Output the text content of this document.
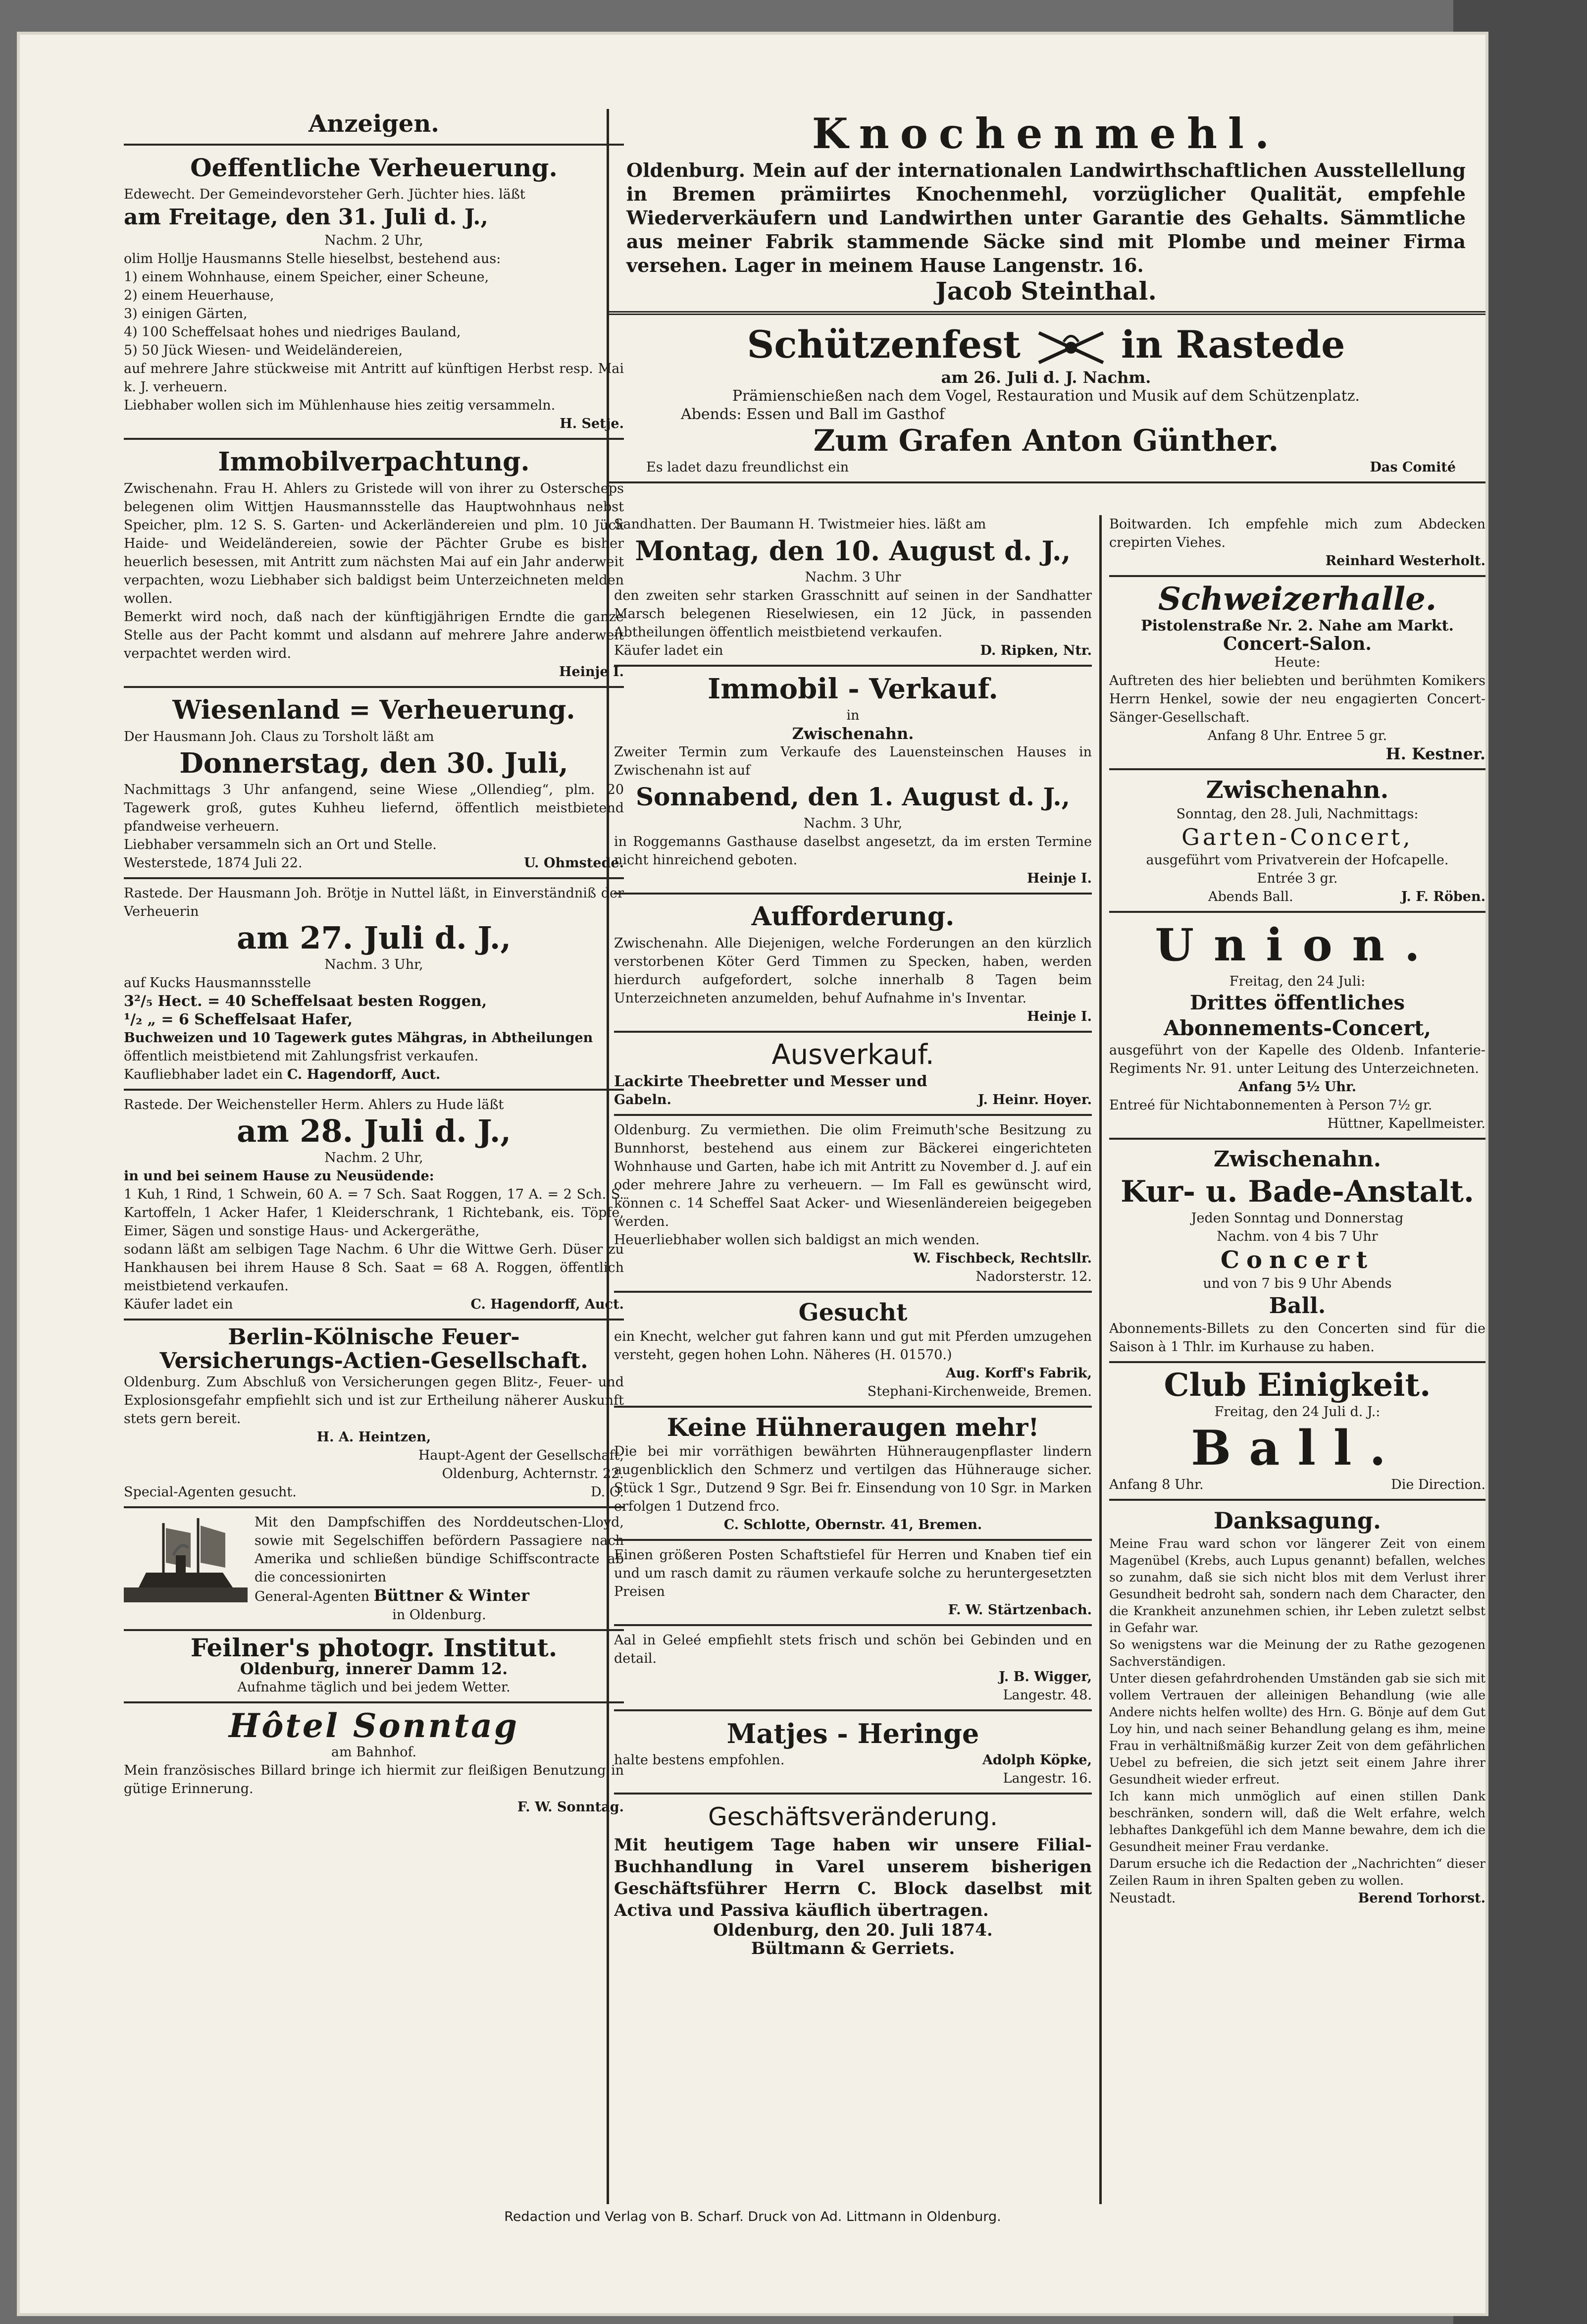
Anzeigen.
Oeffentliche Verheuerung.
Edewecht. Der Gemeindevorsteher Gerh. Jüchter hies. läßt
am Freitage, den 31. Juli d. J.,
Nachm. 2 Uhr,
olim Hollje Hausmanns Stelle hieselbst, bestehend aus:
1) einem Wohnhause, einem Speicher, einer Scheune,
2) einem Heuerhause,
3) einigen Gärten,
4) 100 Scheffelsaat hohes und niedriges Bauland,
5) 50 Jück Wiesen- und Weideländereien,
auf mehrere Jahre stückweise mit Antritt auf künftigen Herbst resp. Mai k. J. verheuern.
Liebhaber wollen sich im Mühlenhause hies zeitig versammeln.
H. Setje.
Immobilverpachtung.
Zwischenahn. Frau H. Ahlers zu Gristede will von ihrer zu Osterscheps belegenen olim Wittjen Hausmannsstelle das Hauptwohnhaus nebst Speicher, plm. 12 S. S. Garten- und Ackerländereien und plm. 10 Jück Haide- und Weideländereien, sowie der Pächter Grube es bisher heuerlich besessen, mit Antritt zum nächsten Mai auf ein Jahr anderweit verpachten, wozu Liebhaber sich baldigst beim Unterzeichneten melden wollen.
Bemerkt wird noch, daß nach der künftigjährigen Erndte die ganze Stelle aus der Pacht kommt und alsdann auf mehrere Jahre anderweit verpachtet werden wird.
Heinje I.
Wiesenland = Verheuerung.
Der Hausmann Joh. Claus zu Torsholt läßt am
Donnerstag, den 30. Juli,
Nachmittags 3 Uhr anfangend, seine Wiese „Ollendieg“, plm. 20 Tagewerk groß, gutes Kuhheu liefernd, öffentlich meistbietend pfandweise verheuern.
Liebhaber versammeln sich an Ort und Stelle.
Westerstede, 1874 Juli 22.	U. Ohmstede.
Rastede. Der Hausmann Joh. Brötje in Nuttel läßt, in Einverständniß der Verheuerin
am 27. Juli d. J.,
Nachm. 3 Uhr,
auf Kucks Hausmannsstelle
3²/₅ Hect. = 40 Scheffelsaat besten Roggen,
¹/₂ „ = 6 Scheffelsaat Hafer,
Buchweizen und 10 Tagewerk gutes Mähgras, in Abtheilungen
öffentlich meistbietend mit Zahlungsfrist verkaufen.
Kaufliebhaber ladet ein C. Hagendorff, Auct.
Rastede. Der Weichensteller Herm. Ahlers zu Hude läßt
am 28. Juli d. J.,
Nachm. 2 Uhr,
in und bei seinem Hause zu Neusüdende:
1 Kuh, 1 Rind, 1 Schwein, 60 A. = 7 Sch. Saat Roggen, 17 A. = 2 Sch. S. Kartoffeln, 1 Acker Hafer, 1 Kleiderschrank, 1 Richtebank, eis. Töpfe, Eimer, Sägen und sonstige Haus- und Ackergeräthe,
sodann läßt am selbigen Tage Nachm. 6 Uhr die Wittwe Gerh. Düser zu Hankhausen bei ihrem Hause 8 Sch. Saat = 68 A. Roggen, öffentlich meistbietend verkaufen.
Käufer ladet ein	C. Hagendorff, Auct.
Berlin-Kölnische Feuer-
Versicherungs-Actien-Gesellschaft.
Oldenburg. Zum Abschluß von Versicherungen gegen Blitz-, Feuer- und Explosionsgefahr empfiehlt sich und ist zur Ertheilung näherer Auskunft stets gern bereit.
H. A. Heintzen,
Haupt-Agent der Gesellschaft,
Oldenburg, Achternstr. 22.
Special-Agenten gesucht.	D. O.
Mit den Dampfschiffen des Norddeutschen-Lloyd, sowie mit Segelschiffen befördern Passagiere nach Amerika und schließen bündige Schiffscontracte ab die concessionirten
General-Agenten Büttner & Winter
in Oldenburg.
Feilner's photogr. Institut.
Oldenburg, innerer Damm 12.
Aufnahme täglich und bei jedem Wetter.
Hôtel Sonntag
am Bahnhof.
Mein französisches Billard bringe ich hiermit zur fleißigen Benutzung in gütige Erinnerung.
F. W. Sonntag.
Knochenmehl.
Oldenburg. Mein auf der internationalen Landwirthschaftlichen Ausstellellung in Bremen prämiirtes Knochenmehl, vorzüglicher Qualität, empfehle Wiederverkäufern und Landwirthen unter Garantie des Gehalts. Sämmtliche aus meiner Fabrik stammende Säcke sind mit Plombe und meiner Firma versehen. Lager in meinem Hause Langenstr. 16.
Jacob Steinthal.
Schützenfest	in Rastede
am 26. Juli d. J. Nachm.
Prämienschießen nach dem Vogel, Restauration und Musik auf dem Schützenplatz.
Abends: Essen und Ball im Gasthof
Zum Grafen Anton Günther.
Es ladet dazu freundlichst ein	Das Comité
Sandhatten. Der Baumann H. Twistmeier hies. läßt am
Montag, den 10. August d. J.,
Nachm. 3 Uhr
den zweiten sehr starken Grasschnitt auf seinen in der Sandhatter Marsch belegenen Rieselwiesen, ein 12 Jück, in passenden Abtheilungen öffentlich meistbietend verkaufen.
Käufer ladet ein	D. Ripken, Ntr.
Immobil - Verkauf.
in
Zwischenahn.
Zweiter Termin zum Verkaufe des Lauensteinschen Hauses in Zwischenahn ist auf
Sonnabend, den 1. August d. J.,
Nachm. 3 Uhr,
in Roggemanns Gasthause daselbst angesetzt, da im ersten Termine nicht hinreichend geboten.
Heinje I.
Aufforderung.
Zwischenahn. Alle Diejenigen, welche Forderungen an den kürzlich verstorbenen Köter Gerd Timmen zu Specken, haben, werden hierdurch aufgefordert, solche innerhalb 8 Tagen beim Unterzeichneten anzumelden, behuf Aufnahme in's Inventar.
Heinje I.
Ausverkauf.
Lackirte Theebretter und Messer und
Gabeln.	J. Heinr. Hoyer.
Oldenburg. Zu vermiethen. Die olim Freimuth'sche Besitzung zu Bunnhorst, bestehend aus einem zur Bäckerei eingerichteten Wohnhause und Garten, habe ich mit Antritt zu November d. J. auf ein oder mehrere Jahre zu verheuern. — Im Fall es gewünscht wird, können c. 14 Scheffel Saat Acker- und Wiesenländereien beigegeben werden.
Heuerliebhaber wollen sich baldigst an mich wenden.
W. Fischbeck, Rechtsllr.
Nadorsterstr. 12.
Gesucht
ein Knecht, welcher gut fahren kann und gut mit Pferden umzugehen versteht, gegen hohen Lohn. Näheres (H. 01570.)
Aug. Korff's Fabrik,
Stephani-Kirchenweide, Bremen.
Keine Hühneraugen mehr!
Die bei mir vorräthigen bewährten Hühneraugenpflaster lindern augenblicklich den Schmerz und vertilgen das Hühnerauge sicher. Stück 1 Sgr., Dutzend 9 Sgr. Bei fr. Einsendung von 10 Sgr. in Marken erfolgen 1 Dutzend frco.
C. Schlotte, Obernstr. 41, Bremen.
Einen größeren Posten Schaftstiefel für Herren und Knaben tief ein und um rasch damit zu räumen verkaufe solche zu heruntergesetzten Preisen
F. W. Stärtzenbach.
Aal in Geleé empfiehlt stets frisch und schön bei Gebinden und en detail.
J. B. Wigger,
Langestr. 48.
Matjes - Heringe
halte bestens empfohlen.	Adolph Köpke,
Langestr. 16.
Geschäftsveränderung.
Mit heutigem Tage haben wir unsere Filial-Buchhandlung in Varel unserem bisherigen Geschäftsführer Herrn C. Block daselbst mit Activa und Passiva käuflich übertragen.
Oldenburg, den 20. Juli 1874.
Bültmann & Gerriets.
Boitwarden. Ich empfehle mich zum Abdecken crepirten Viehes.
Reinhard Westerholt.
Schweizerhalle.
Pistolenstraße Nr. 2. Nahe am Markt.
Concert-Salon.
Heute:
Auftreten des hier beliebten und berühmten Komikers Herrn Henkel, sowie der neu engagierten Concert-Sänger-Gesellschaft.
Anfang 8 Uhr. Entree 5 gr.
H. Kestner.
Zwischenahn.
Sonntag, den 28. Juli, Nachmittags:
Garten-Concert,
ausgeführt vom Privatverein der Hofcapelle.
Entrée 3 gr.
Abends Ball.	J. F. Röben.
Union.
Freitag, den 24 Juli:
Drittes öffentliches
Abonnements-Concert,
ausgeführt von der Kapelle des Oldenb. Infanterie-Regiments Nr. 91. unter Leitung des Unterzeichneten.
Anfang 5½ Uhr.
Entreé für Nichtabonnementen à Person 7½ gr.
Hüttner, Kapellmeister.
Zwischenahn.
Kur- u. Bade-Anstalt.
Jeden Sonntag und Donnerstag
Nachm. von 4 bis 7 Uhr
Concert
und von 7 bis 9 Uhr Abends
Ball.
Abonnements-Billets zu den Concerten sind für die Saison à 1 Thlr. im Kurhause zu haben.
Club Einigkeit.
Freitag, den 24 Juli d. J.:
Ball.
Anfang 8 Uhr.	Die Direction.
Danksagung.
Meine Frau ward schon vor längerer Zeit von einem Magenübel (Krebs, auch Lupus genannt) befallen, welches so zunahm, daß sie sich nicht blos mit dem Verlust ihrer Gesundheit bedroht sah, sondern nach dem Character, den die Krankheit anzunehmen schien, ihr Leben zuletzt selbst in Gefahr war.
So wenigstens war die Meinung der zu Rathe gezogenen Sachverständigen.
Unter diesen gefahrdrohenden Umständen gab sie sich mit vollem Vertrauen der alleinigen Behandlung (wie alle Andere nichts helfen wollte) des Hrn. G. Bönje auf dem Gut Loy hin, und nach seiner Behandlung gelang es ihm, meine Frau in verhältnißmäßig kurzer Zeit von dem gefährlichen Uebel zu befreien, die sich jetzt seit einem Jahre ihrer Gesundheit wieder erfreut.
Ich kann mich unmöglich auf einen stillen Dank beschränken, sondern will, daß die Welt erfahre, welch lebhaftes Dankgefühl ich dem Manne bewahre, dem ich die Gesundheit meiner Frau verdanke.
Darum ersuche ich die Redaction der „Nachrichten“ dieser Zeilen Raum in ihren Spalten geben zu wollen.
Neustadt.	Berend Torhorst.
Redaction und Verlag von B. Scharf. Druck von Ad. Littmann in Oldenburg.
